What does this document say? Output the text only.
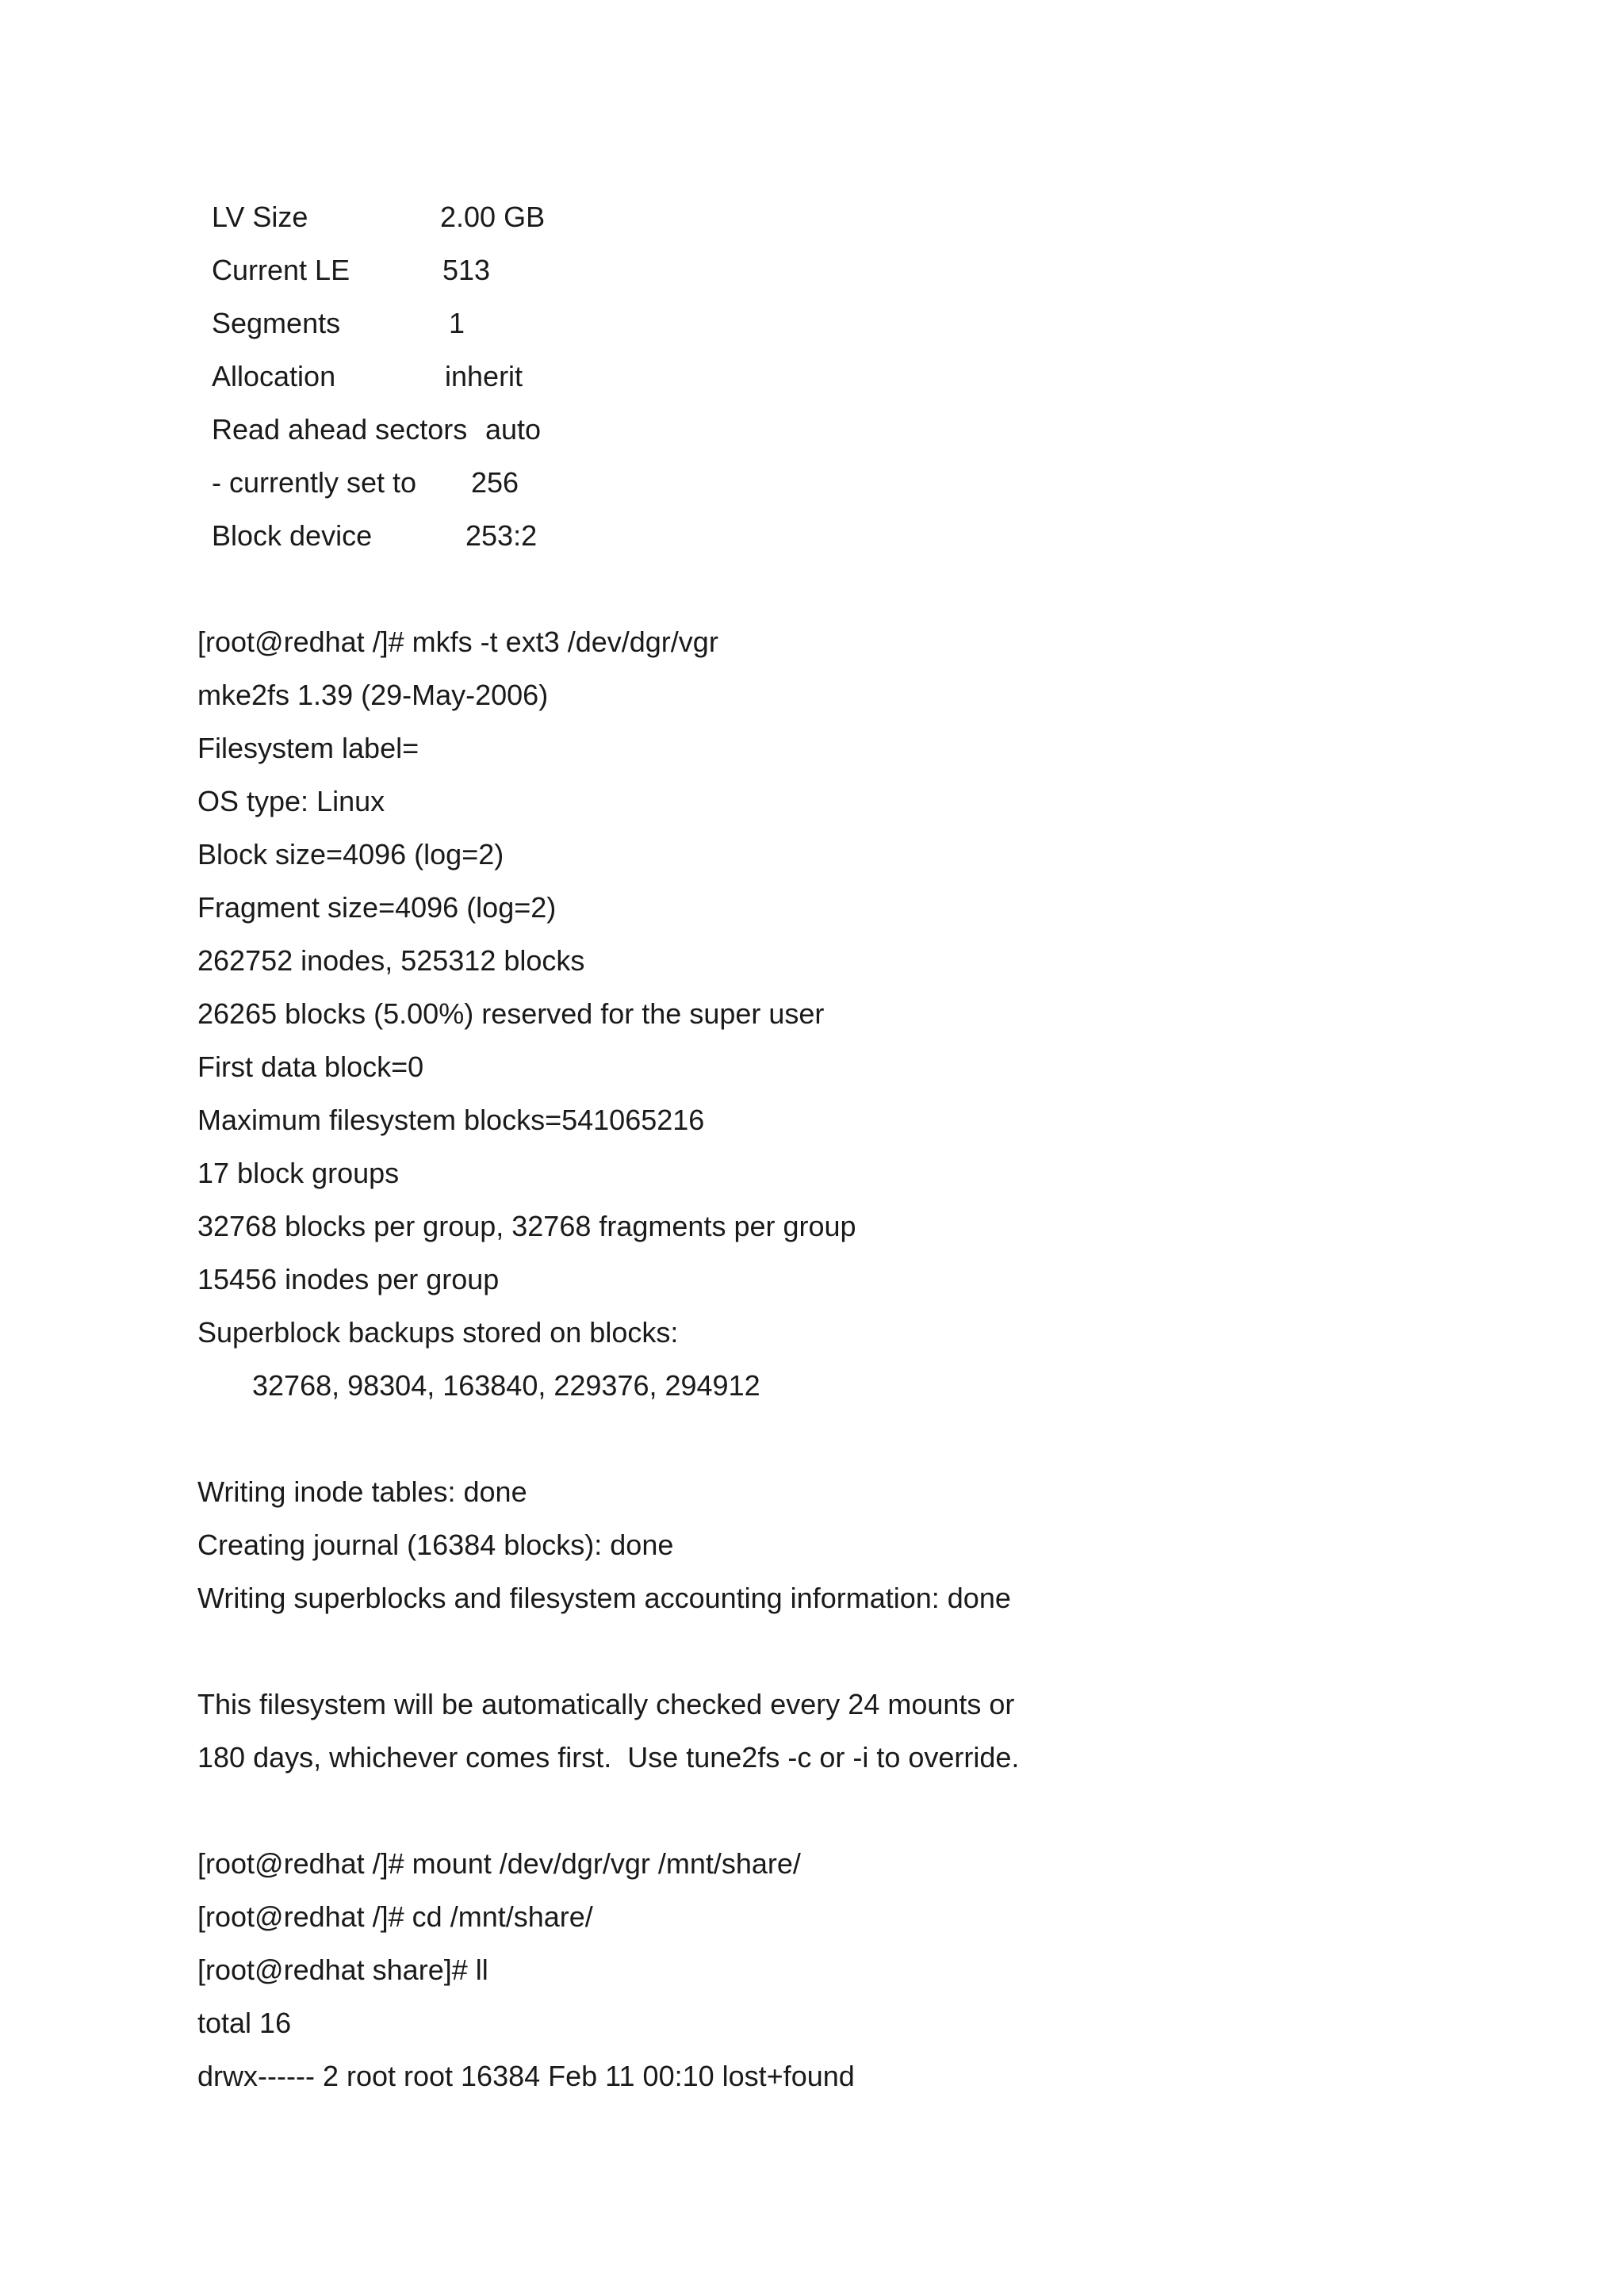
LV Size	2.00 GB
Current LE	513
Segments	1
Allocation	inherit
Read ahead sectors auto
- currently set to 256
Block device	253:2
[root@redhat /]# mkfs -t ext3 /dev/dgr/vgr
mke2fs 1.39 (29-May-2006)
Filesystem label=
OS type: Linux
Block size=4096 (log=2)
Fragment size=4096 (log=2)
262752 inodes, 525312 blocks
26265 blocks (5.00%) reserved for the super user
First data block=0
Maximum filesystem blocks=541065216
17 block groups
32768 blocks per group, 32768 fragments per group
15456 inodes per group
Superblock backups stored on blocks:
32768, 98304, 163840, 229376, 294912
Writing inode tables: done
Creating journal (16384 blocks): done
Writing superblocks and filesystem accounting information: done
This filesystem will be automatically checked every 24 mounts or
180 days, whichever comes first.  Use tune2fs -c or -i to override.
[root@redhat /]# mount /dev/dgr/vgr /mnt/share/
[root@redhat /]# cd /mnt/share/
[root@redhat share]# ll
total 16
drwx------ 2 root root 16384 Feb 11 00:10 lost+found
